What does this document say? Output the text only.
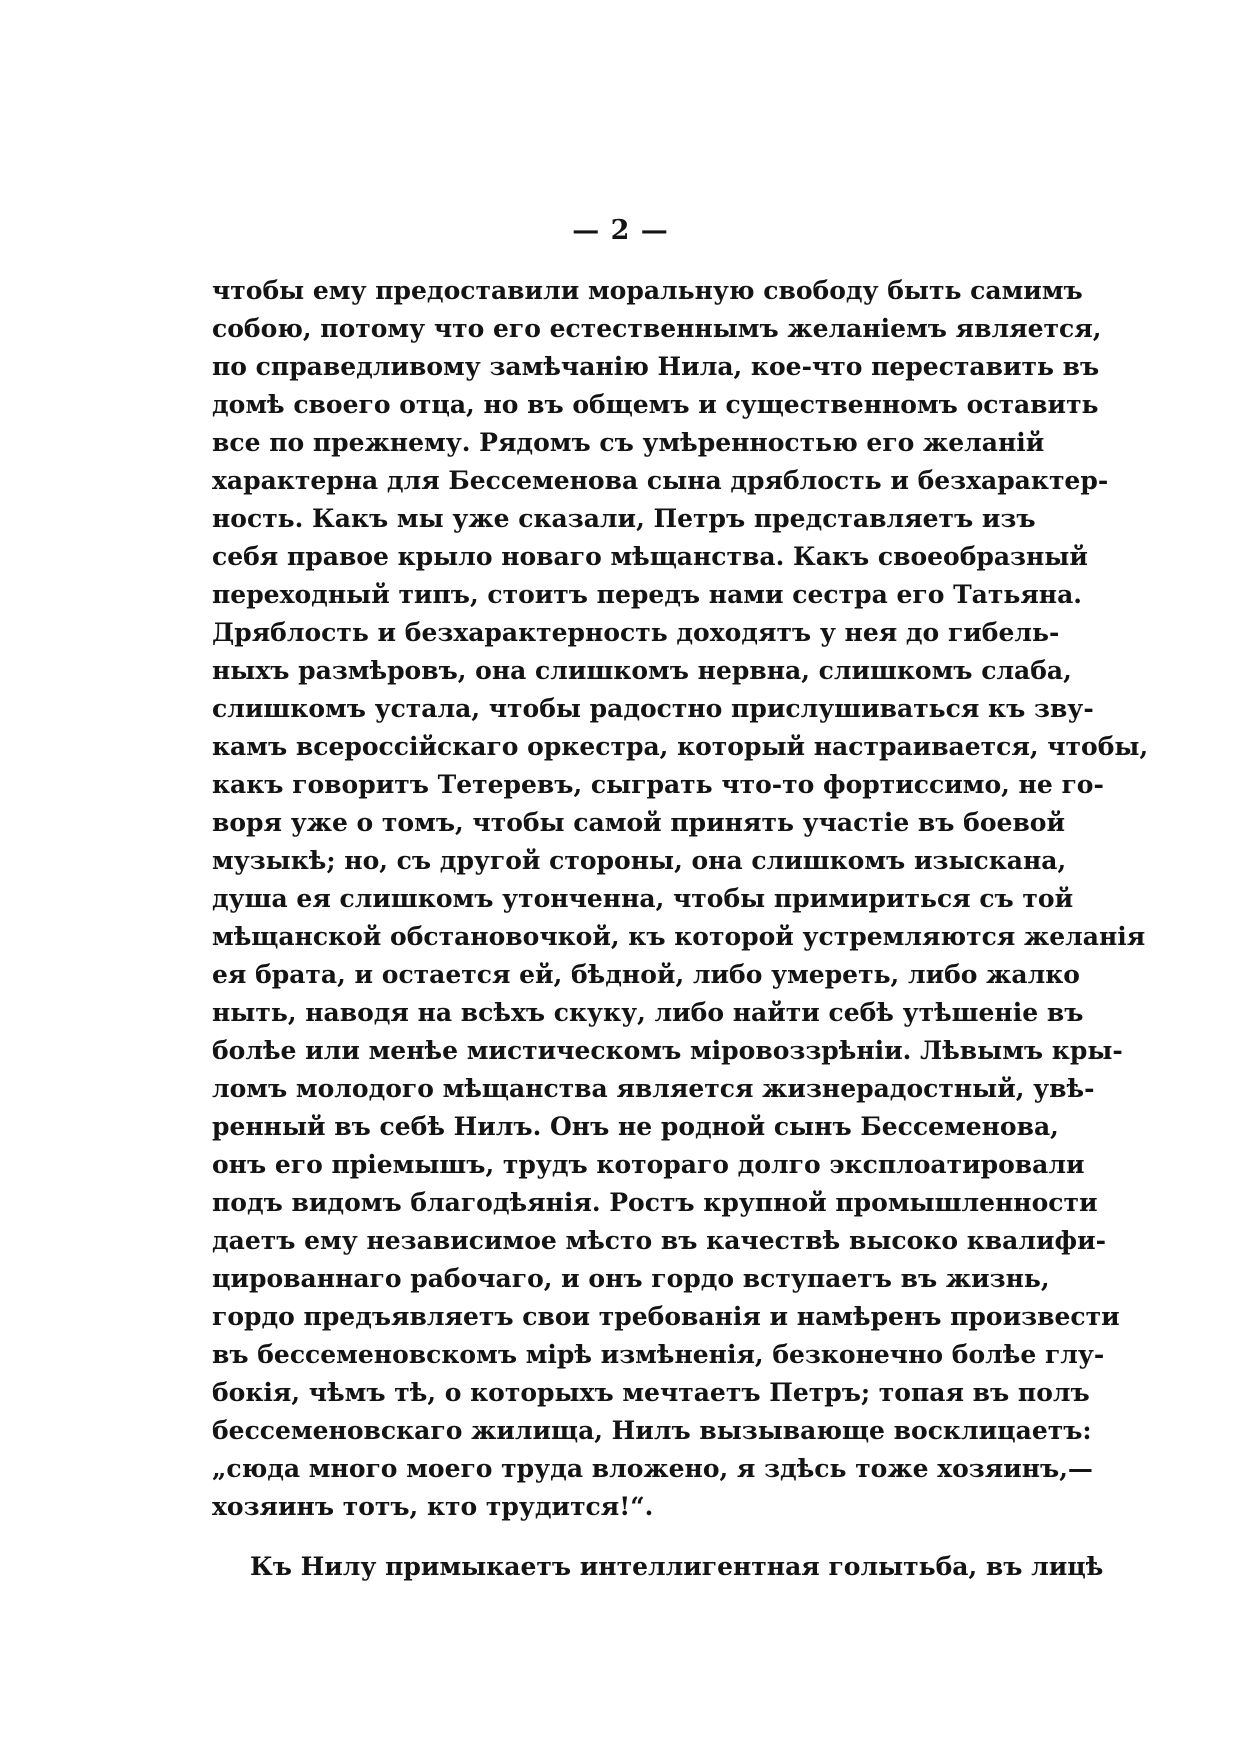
— 2 —
чтобы ему предоставили моральную свободу быть самимъ
собою, потому что его естественнымъ желаніемъ является,
по справедливому замѣчанію Нила, кое-что переставить въ
домѣ своего отца, но въ общемъ и существенномъ оставить
все по прежнему. Рядомъ съ умѣренностью его желаній
характерна для Бессеменова сына дряблость и безхарактер-
ность. Какъ мы уже сказали, Петръ представляетъ изъ
себя правое крыло новаго мѣщанства. Какъ своеобразный
переходный типъ, стоитъ передъ нами сестра его Татьяна.
Дряблость и безхарактерность доходятъ у нея до гибель-
ныхъ размѣровъ, она слишкомъ нервна, слишкомъ слаба,
слишкомъ устала, чтобы радостно прислушиваться къ зву-
камъ всероссійскаго оркестра, который настраивается, чтобы,
какъ говоритъ Тетеревъ, сыграть что-то фортиссимо, не го-
воря уже о томъ, чтобы самой принять участіе въ боевой
музыкѣ; но, съ другой стороны, она слишкомъ изыскана,
душа ея слишкомъ утонченна, чтобы примириться съ той
мѣщанской обстановочкой, къ которой устремляются желанія
ея брата, и остается ей, бѣдной, либо умереть, либо жалко
ныть, наводя на всѣхъ скуку, либо найти себѣ утѣшеніе въ
болѣе или менѣе мистическомъ міровоззрѣніи. Лѣвымъ кры-
ломъ молодого мѣщанства является жизнерадостный, увѣ-
ренный въ себѣ Нилъ. Онъ не родной сынъ Бессеменова,
онъ его пріемышъ, трудъ котораго долго эксплоатировали
подъ видомъ благодѣянія. Ростъ крупной промышленности
даетъ ему независимое мѣсто въ качествѣ высоко квалифи-
цированнаго рабочаго, и онъ гордо вступаетъ въ жизнь,
гордо предъявляетъ свои требованія и намѣренъ произвести
въ бессеменовскомъ мірѣ измѣненія, безконечно болѣе глу-
бокія, чѣмъ тѣ, о которыхъ мечтаетъ Петръ; топая въ полъ
бессеменовскаго жилища, Нилъ вызывающе восклицаетъ:
„сюда много моего труда вложено, я здѣсь тоже хозяинъ,—
хозяинъ тотъ, кто трудится!“.
Къ Нилу примыкаетъ интеллигентная голытьба, въ лицѣ
